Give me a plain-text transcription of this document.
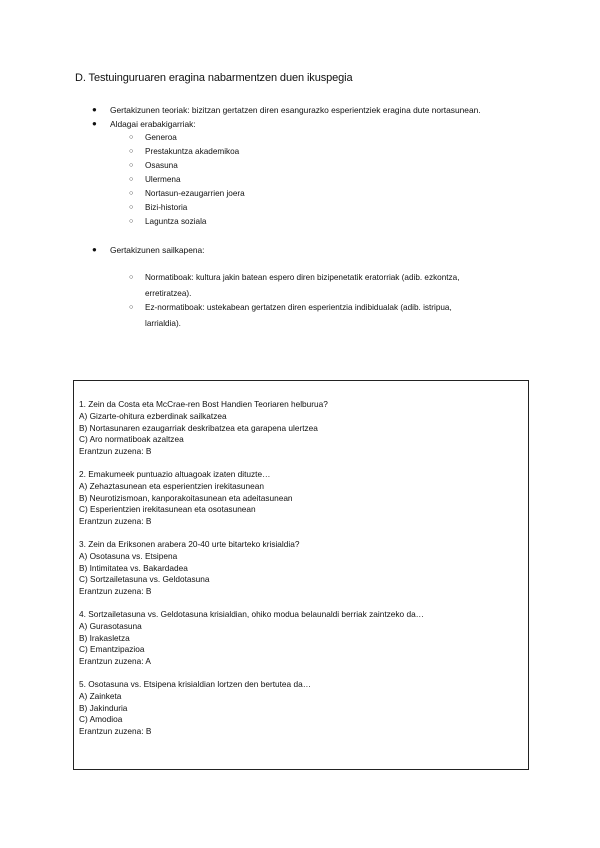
D. Testuinguruaren eragina nabarmentzen duen ikuspegia
● Gertakizunen teoriak: bizitzan gertatzen diren esangurazko esperientziek eragina dute nortasunean.
● Aldagai erabakigarriak:
○ Generoa
○ Prestakuntza akademikoa
○ Osasuna
○ Ulermena
○ Nortasun-ezaugarrien joera
○ Bizi-historia
○ Laguntza soziala
● Gertakizunen sailkapena:
○ Normatiboak: kultura jakin batean espero diren bizipenetatik eratorriak (adib. ezkontza,
erretiratzea).
○ Ez-normatiboak: ustekabean gertatzen diren esperientzia indibidualak (adib. istripua,
larrialdia).
1. Zein da Costa eta McCrae-ren Bost Handien Teoriaren helburua?
A) Gizarte-ohitura ezberdinak sailkatzea
B) Nortasunaren ezaugarriak deskribatzea eta garapena ulertzea
C) Aro normatiboak azaltzea
Erantzun zuzena: B
2. Emakumeek puntuazio altuagoak izaten dituzte…
A) Zehaztasunean eta esperientzien irekitasunean
B) Neurotizismoan, kanporakoitasunean eta adeitasunean
C) Esperientzien irekitasunean eta osotasunean
Erantzun zuzena: B
3. Zein da Eriksonen arabera 20-40 urte bitarteko krisialdia?
A) Osotasuna vs. Etsipena
B) Intimitatea vs. Bakardadea
C) Sortzailetasuna vs. Geldotasuna
Erantzun zuzena: B
4. Sortzailetasuna vs. Geldotasuna krisialdian, ohiko modua belaunaldi berriak zaintzeko da…
A) Gurasotasuna
B) Irakasletza
C) Emantzipazioa
Erantzun zuzena: A
5. Osotasuna vs. Etsipena krisialdian lortzen den bertutea da…
A) Zainketa
B) Jakinduria
C) Amodioa
Erantzun zuzena: B
